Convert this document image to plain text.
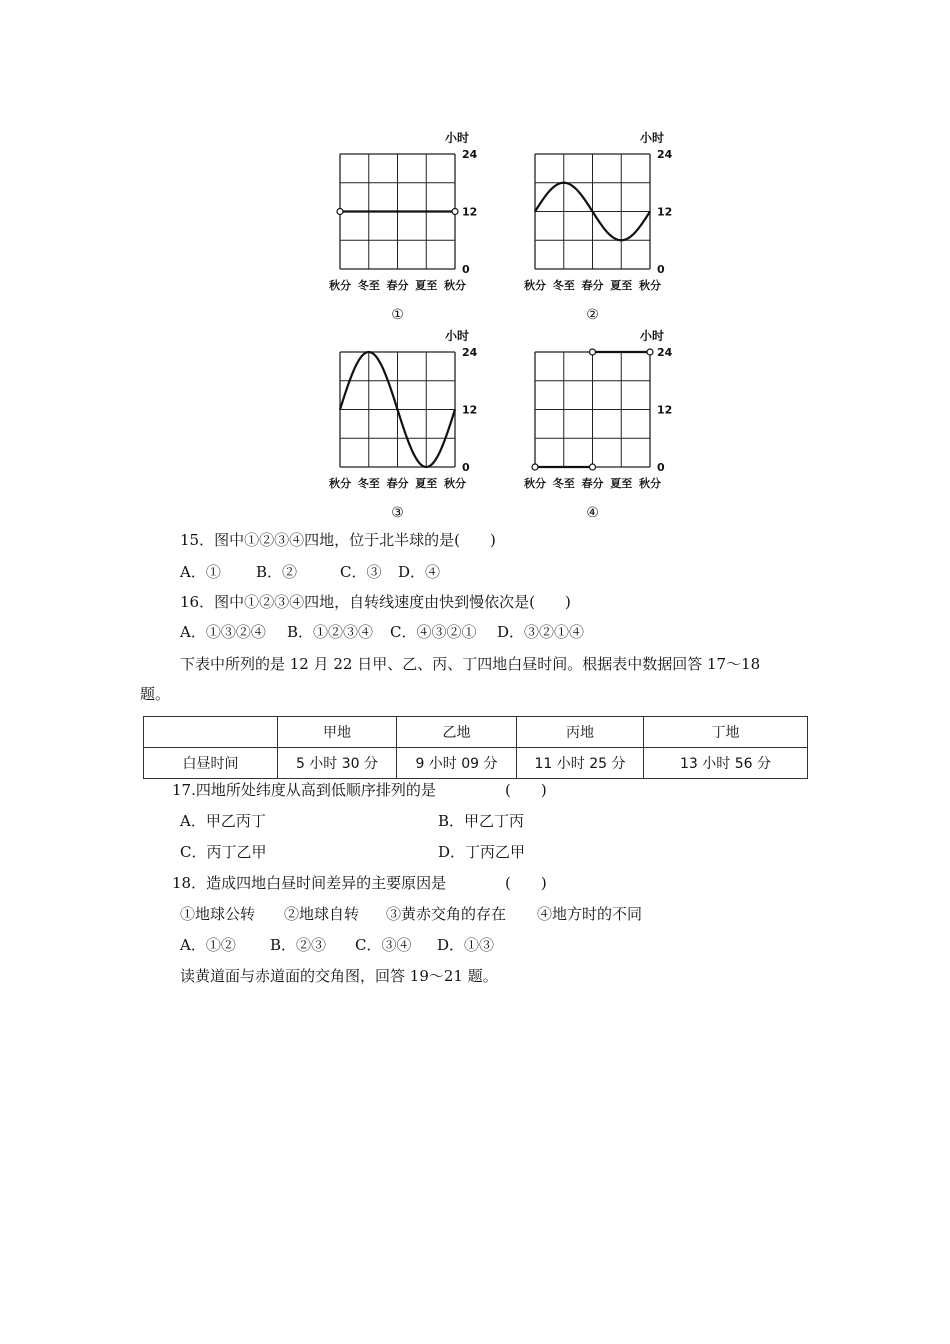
小时
24
12
0
秋分 冬至 春分 夏至 秋分
①
小时
24
12
0
秋分 冬至 春分 夏至 秋分
②
小时
24
12
0
秋分 冬至 春分 夏至 秋分
③
小时
24
12
0
秋分 冬至 春分 夏至 秋分
④
15．图中①②③④四地，位于北半球的是(　　)
A．① B．②	C．③ D．④
16．图中①②③④四地，自转线速度由快到慢依次是(　　)
A．①③②④ B．①②③④ C．④③②① D．③②①④
下表中所列的是 12 月 22 日甲、乙、丙、丁四地白昼时间。根据表中数据回答 17～18
题。
	甲地	乙地	丙地	丁地
白昼时间	5 小时 30 分	9 小时 09 分	11 小时 25 分	13 小时 56 分
17.四地所处纬度从高到低顺序排列的是	(　　)
A．甲乙丙丁	B．甲乙丁丙
C．丙丁乙甲	D．丁丙乙甲
18．造成四地白昼时间差异的主要原因是	(　　)
①地球公转 ②地球自转 ③黄赤交角的存在 ④地方时的不同
A．①② B．②③ C．③④ D．①③
读黄道面与赤道面的交角图，回答 19～21 题。
